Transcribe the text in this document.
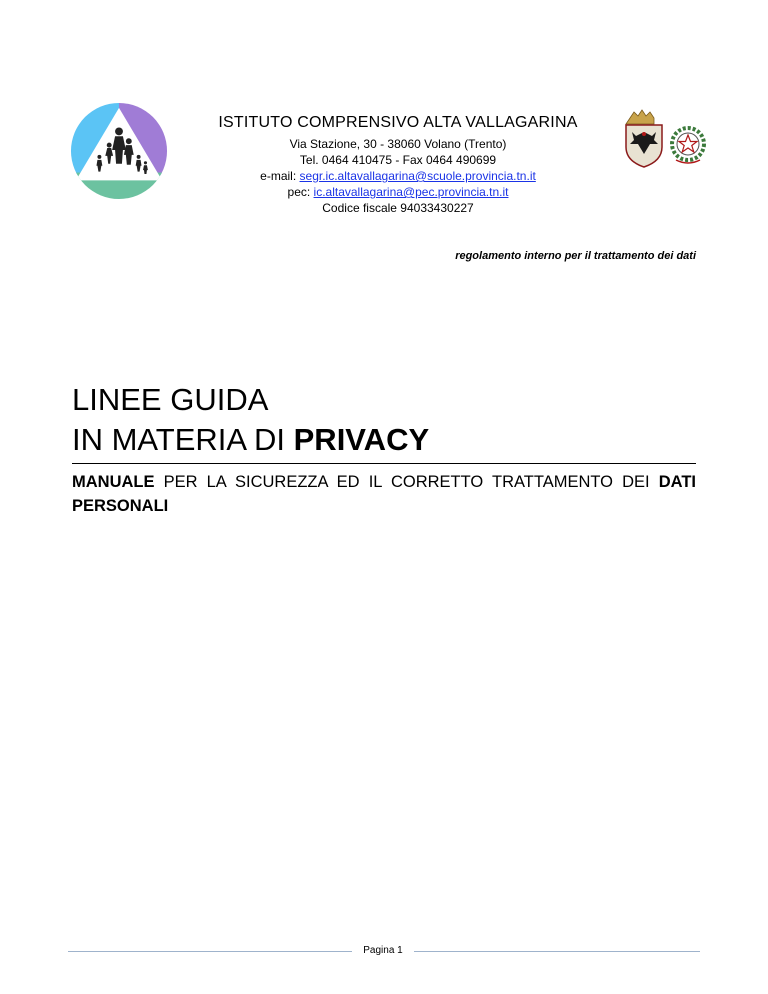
ISTITUTO COMPRENSIVO ALTA VALLAGARINA
Via Stazione, 30 - 38060 Volano (Trento)
Tel. 0464 410475 - Fax 0464 490699
e-mail: segr.ic.altavallagarina@scuole.provincia.tn.it
pec: ic.altavallagarina@pec.provincia.tn.it
Codice fiscale 94033430227
regolamento interno per il trattamento dei dati
LINEE GUIDA
IN MATERIA DI PRIVACY
MANUALE PER LA SICUREZZA ED IL CORRETTO TRATTAMENTO DEI DATI PERSONALI
Pagina 1
